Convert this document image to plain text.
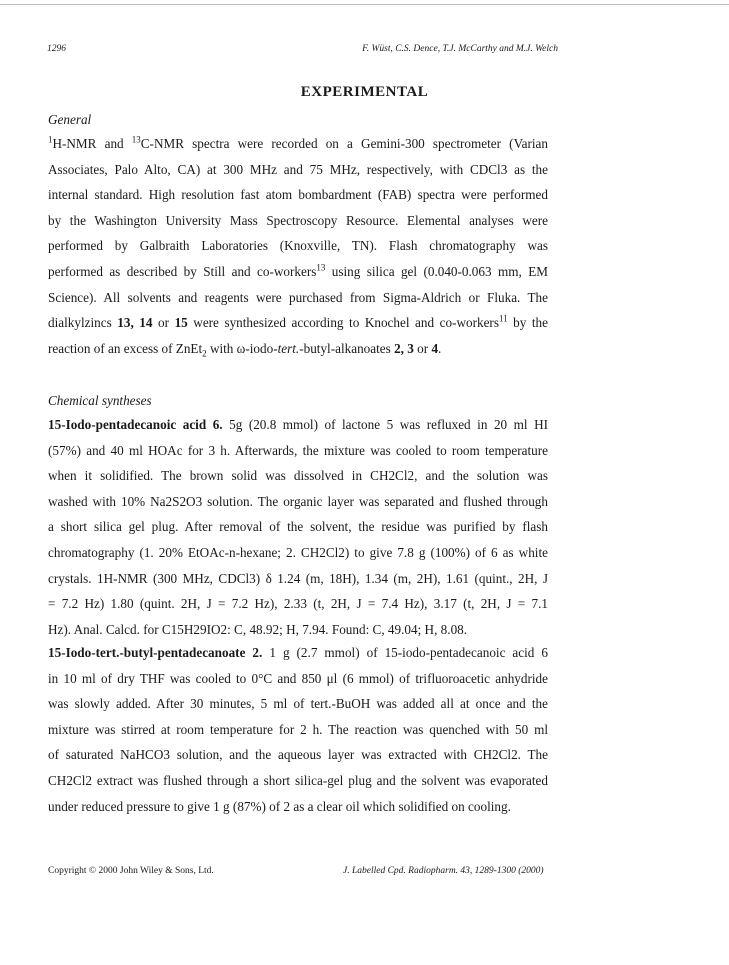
1296	F. Wüst, C.S. Dence, T.J. McCarthy and M.J. Welch
EXPERIMENTAL
General
$^1$H-NMR and $^{13}$C-NMR spectra were recorded on a Gemini-300 spectrometer (Varian
Associates, Palo Alto, CA) at 300 MHz and 75 MHz, respectively, with CDCl3 as the
internal standard. High resolution fast atom bombardment (FAB) spectra were performed
by the Washington University Mass Spectroscopy Resource. Elemental analyses were
performed by Galbraith Laboratories (Knoxville, TN). Flash chromatography was
performed as described by Still and co-workers$^{13}$ using silica gel (0.040-0.063 mm, EM
Science). All solvents and reagents were purchased from Sigma-Aldrich or Fluka. The
dialkylzincs 13, 14 or 15 were synthesized according to Knochel and co-workers$^{11}$ by the
reaction of an excess of ZnEt$_2$ with ω-iodo-tert.-butyl-alkanoates 2, 3 or 4.
Chemical syntheses
15-Iodo-pentadecanoic acid 6. 5g (20.8 mmol) of lactone 5 was refluxed in 20 ml HI
(57%) and 40 ml HOAc for 3 h. Afterwards, the mixture was cooled to room temperature
when it solidified. The brown solid was dissolved in CH2Cl2, and the solution was
washed with 10% Na2S2O3 solution. The organic layer was separated and flushed through
a short silica gel plug. After removal of the solvent, the residue was purified by flash
chromatography (1. 20% EtOAc-n-hexane; 2. CH2Cl2) to give 7.8 g (100%) of 6 as white
crystals. 1H-NMR (300 MHz, CDCl3) δ 1.24 (m, 18H), 1.34 (m, 2H), 1.61 (quint., 2H, J
= 7.2 Hz) 1.80 (quint. 2H, J = 7.2 Hz), 2.33 (t, 2H, J = 7.4 Hz), 3.17 (t, 2H, J = 7.1
Hz). Anal. Calcd. for C15H29IO2: C, 48.92; H, 7.94. Found: C, 49.04; H, 8.08.
15-Iodo-tert.-butyl-pentadecanoate 2. 1 g (2.7 mmol) of 15-iodo-pentadecanoic acid 6
in 10 ml of dry THF was cooled to 0°C and 850 μl (6 mmol) of trifluoroacetic anhydride
was slowly added. After 30 minutes, 5 ml of tert.-BuOH was added all at once and the
mixture was stirred at room temperature for 2 h. The reaction was quenched with 50 ml
of saturated NaHCO3 solution, and the aqueous layer was extracted with CH2Cl2. The
CH2Cl2 extract was flushed through a short silica-gel plug and the solvent was evaporated
under reduced pressure to give 1 g (87%) of 2 as a clear oil which solidified on cooling.
Copyright © 2000 John Wiley & Sons, Ltd.	J. Labelled Cpd. Radiopharm. 43, 1289-1300 (2000)
